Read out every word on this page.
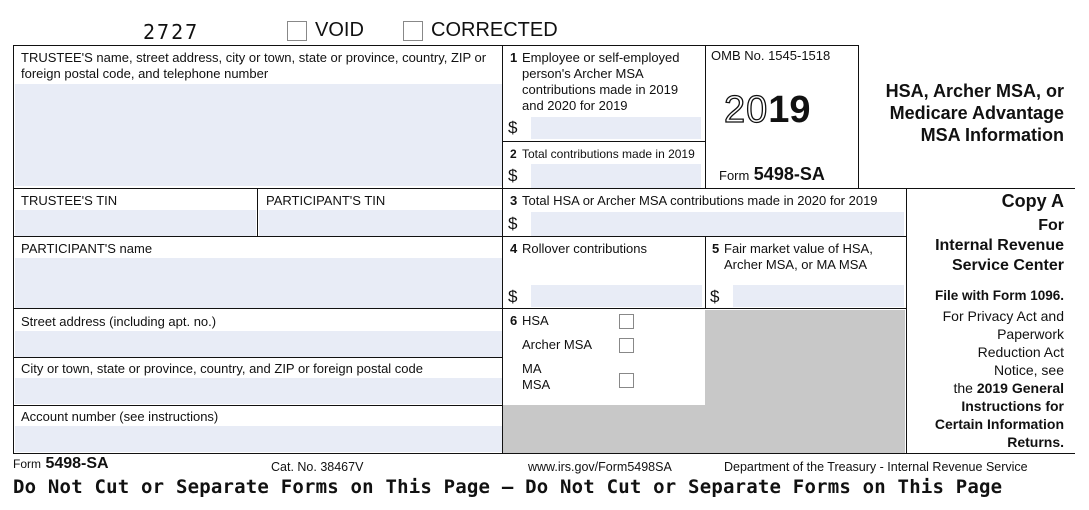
2727	VOID	CORRECTED
TRUSTEE'S name, street address, city or town, state or province, country, ZIP or foreign postal code, and telephone number
TRUSTEE'S TIN	PARTICIPANT'S TIN
PARTICIPANT'S name
Street address (including apt. no.)
City or town, state or province, country, and ZIP or foreign postal code
Account number (see instructions)
1 Employee or self-employed person's Archer MSA contributions made in 2019 and 2020 for 2019
$
2 Total contributions made in 2019
$
OMB No. 1545-1518
2019
Form 5498-SA
HSA, Archer MSA, or
Medicare Advantage
MSA Information
3 Total HSA or Archer MSA contributions made in 2020 for 2019
$
4 Rollover contributions
$
5 Fair market value of HSA, Archer MSA, or MA MSA
$
6 HSA
Archer MSA
MA
MSA
Copy A
For
Internal Revenue
Service Center
File with Form 1096.
For Privacy Act and
Paperwork
Reduction Act
Notice, see
the 2019 General
Instructions for
Certain Information
Returns.
Form 5498-SA	Cat. No. 38467V	www.irs.gov/Form5498SA	Department of the Treasury - Internal Revenue Service
Do Not Cut or Separate Forms on This Page — Do Not Cut or Separate Forms on This Page
